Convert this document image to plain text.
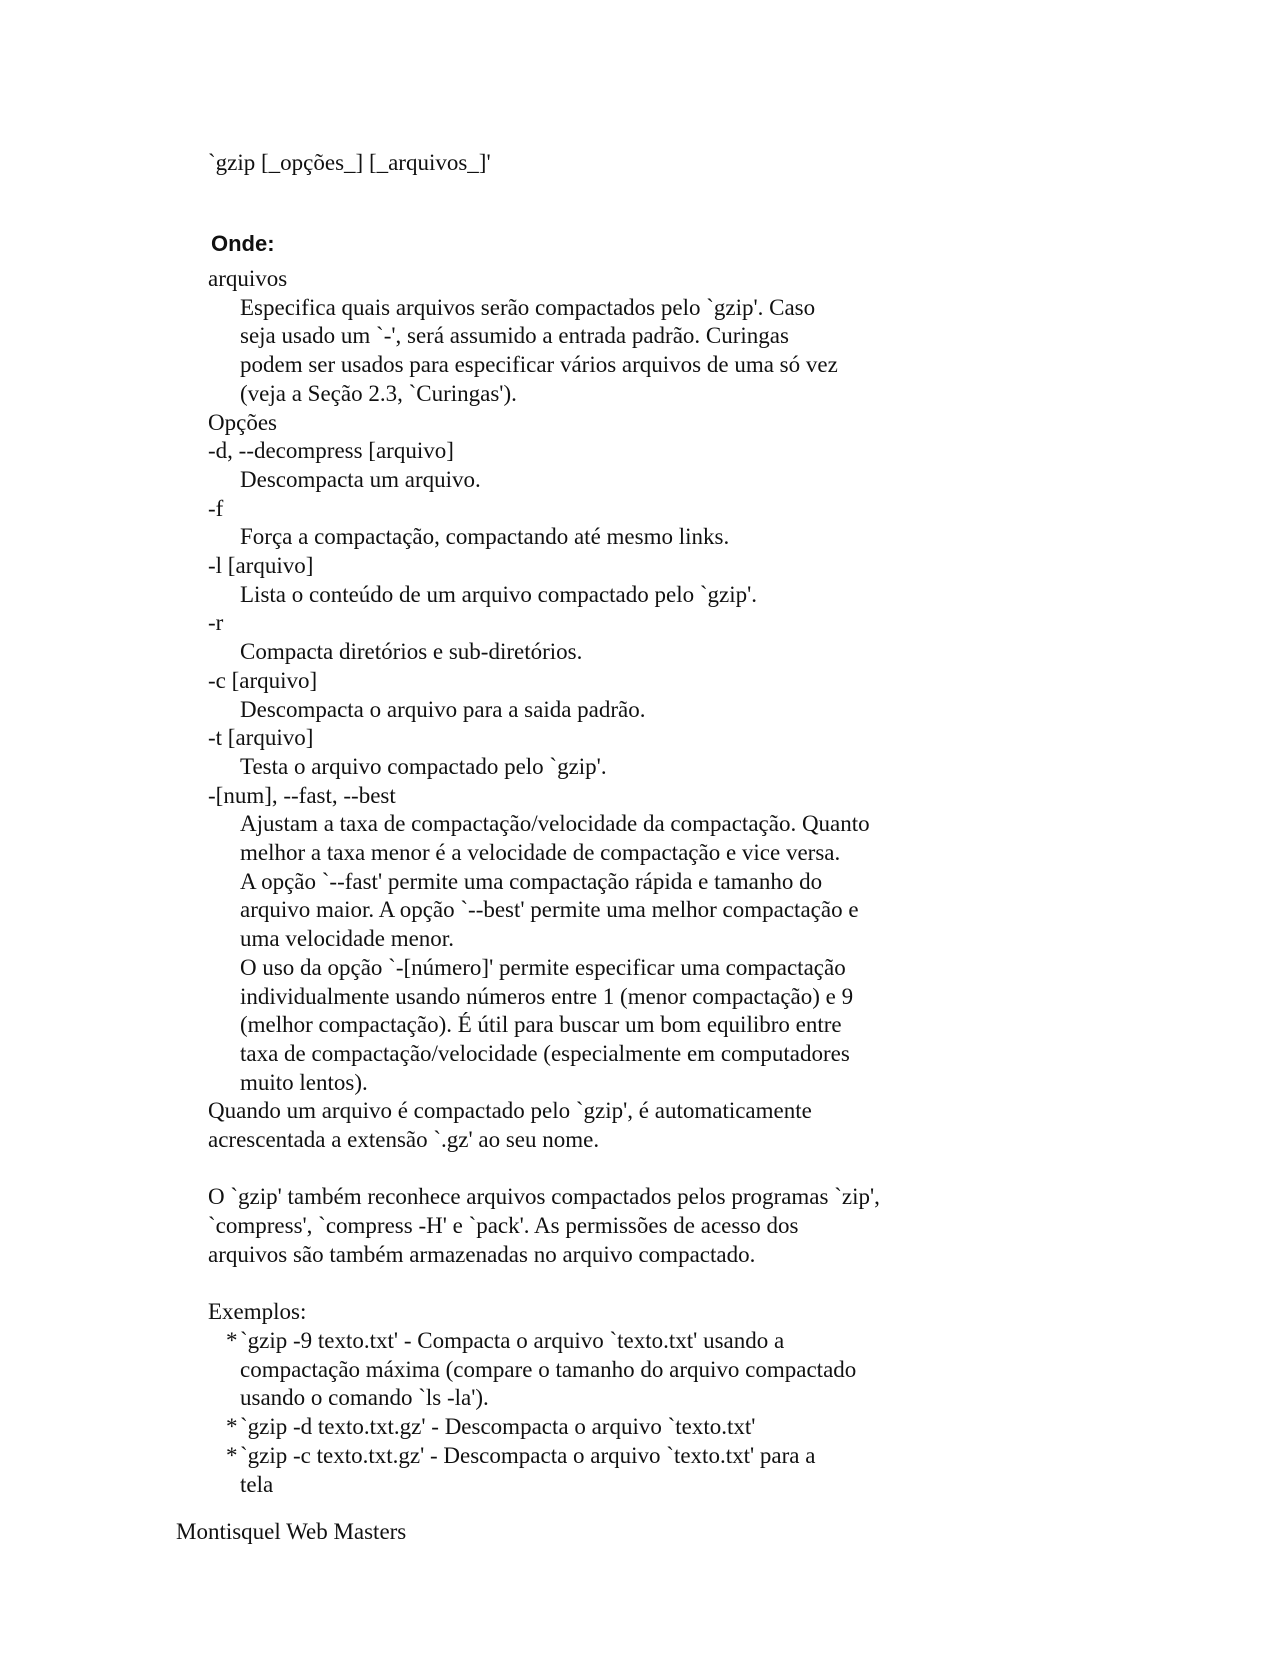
`gzip [_opções_] [_arquivos_]'

Onde:

arquivos
Especifica quais arquivos serão compactados pelo `gzip'. Caso
seja usado um `-', será assumido a entrada padrão. Curingas
podem ser usados para especificar vários arquivos de uma só vez
(veja a Seção 2.3, `Curingas').
Opções
-d, --decompress [arquivo]
Descompacta um arquivo.
-f
Força a compactação, compactando até mesmo links.
-l [arquivo]
Lista o conteúdo de um arquivo compactado pelo `gzip'.
-r
Compacta diretórios e sub-diretórios.
-c [arquivo]
Descompacta o arquivo para a saida padrão.
-t [arquivo]
Testa o arquivo compactado pelo `gzip'.
-[num], --fast, --best
Ajustam a taxa de compactação/velocidade da compactação. Quanto
melhor a taxa menor é a velocidade de compactação e vice versa.
A opção `--fast' permite uma compactação rápida e tamanho do
arquivo maior. A opção `--best' permite uma melhor compactação e
uma velocidade menor.
O uso da opção `-[número]' permite especificar uma compactação
individualmente usando números entre 1 (menor compactação) e 9
(melhor compactação). É útil para buscar um bom equilibro entre
taxa de compactação/velocidade (especialmente em computadores
muito lentos).
Quando um arquivo é compactado pelo `gzip', é automaticamente
acrescentada a extensão `.gz' ao seu nome.
O `gzip' também reconhece arquivos compactados pelos programas `zip',
`compress', `compress -H' e `pack'. As permissões de acesso dos
arquivos são também armazenadas no arquivo compactado.
Exemplos:
* `gzip -9 texto.txt' - Compacta o arquivo `texto.txt' usando a
compactação máxima (compare o tamanho do arquivo compactado
usando o comando `ls -la').
* `gzip -d texto.txt.gz' - Descompacta o arquivo `texto.txt'
* `gzip -c texto.txt.gz' - Descompacta o arquivo `texto.txt' para a
tela

Montisquel Web Masters
